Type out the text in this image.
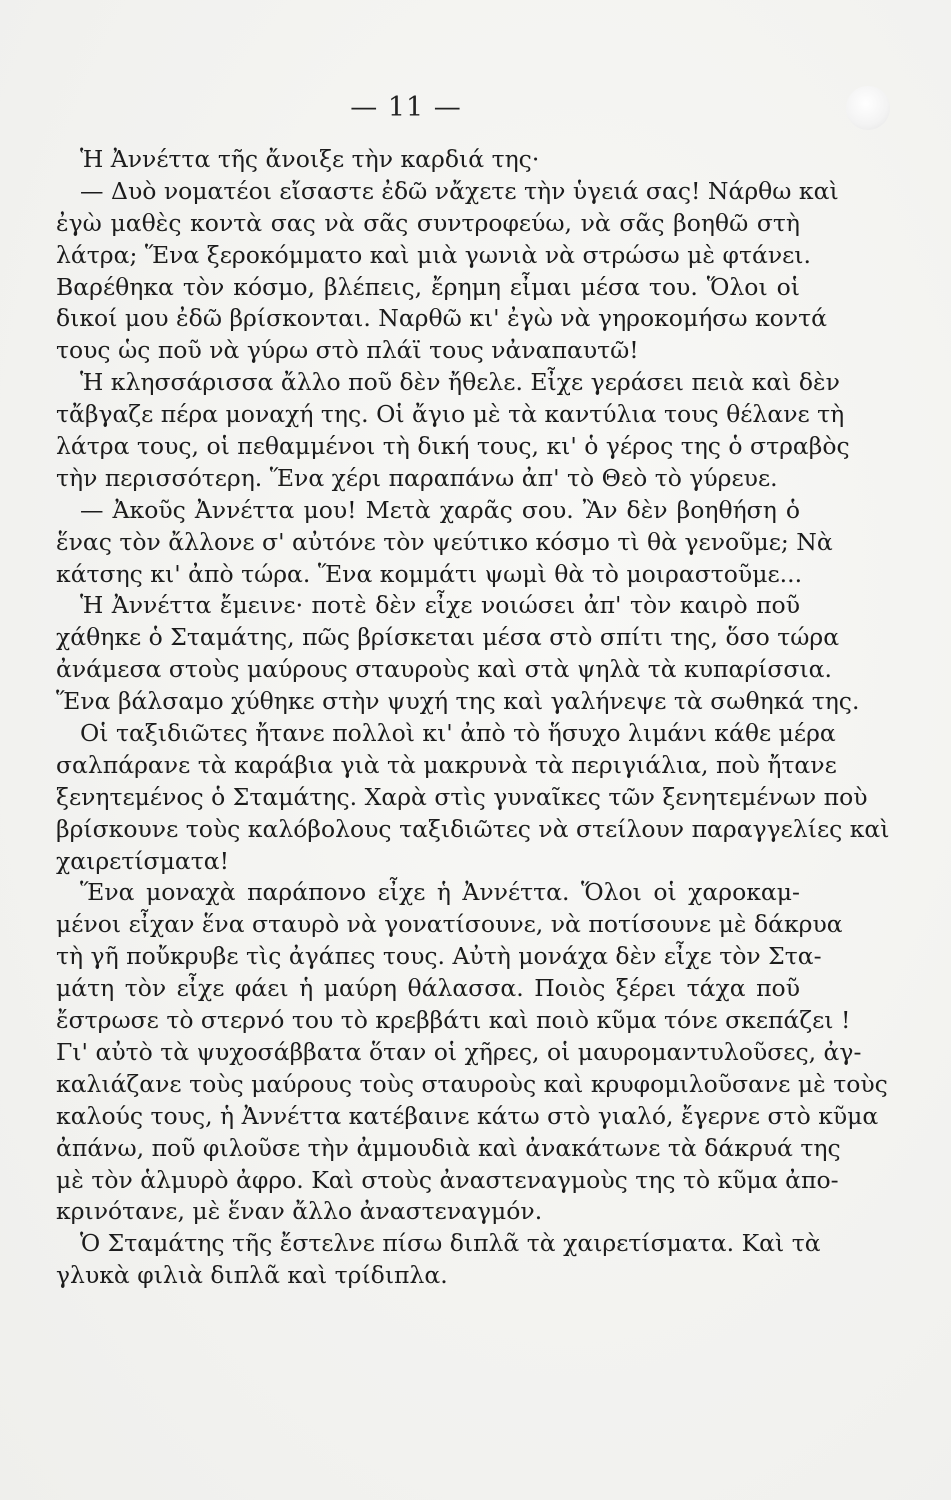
— 11 —
Ἡ Ἀννέττα τῆς ἄνοιξε τὴν καρδιά της·
— Δυὸ νοματέοι εἴσαστε ἐδῶ νἄχετε τὴν ὑγειά σας! Νάρθω καὶ
ἐγὼ μαθὲς κοντὰ σας νὰ σᾶς συντροφεύω, νὰ σᾶς βοηθῶ στὴ
λάτρα; Ἕνα ξεροκόμματο καὶ μιὰ γωνιὰ νὰ στρώσω μὲ φτάνει.
Βαρέθηκα τὸν κόσμο, βλέπεις, ἔρημη εἶμαι μέσα του. Ὅλοι οἱ
δικοί μου ἐδῶ βρίσκονται. Ναρθῶ κι' ἐγὼ νὰ γηροκομήσω κοντά
τους ὡς ποῦ νὰ γύρω στὸ πλάϊ τους νἀναπαυτῶ!
Ἡ κλησσάρισσα ἄλλο ποῦ δὲν ἤθελε. Εἶχε γεράσει πειὰ καὶ δὲν
τἄβγαζε πέρα μοναχή της. Οἱ ἄγιο μὲ τὰ καντύλια τους θέλανε τὴ
λάτρα τους, οἱ πεθαμμένοι τὴ δική τους, κι' ὁ γέρος της ὁ στραβὸς
τὴν περισσότερη. Ἕνα χέρι παραπάνω ἀπ' τὸ Θεὸ τὸ γύρευε.
— Ἀκοῦς Ἀννέττα μου! Μετὰ χαρᾶς σου. Ἂν δὲν βοηθήση ὁ
ἕνας τὸν ἄλλονε σ' αὐτόνε τὸν ψεύτικο κόσμο τὶ θὰ γενοῦμε; Νὰ
κάτσης κι' ἀπὸ τώρα. Ἕνα κομμάτι ψωμὶ θὰ τὸ μοιραστοῦμε...
Ἡ Ἀννέττα ἔμεινε· ποτὲ δὲν εἶχε νοιώσει ἀπ' τὸν καιρὸ ποῦ
χάθηκε ὁ Σταμάτης, πῶς βρίσκεται μέσα στὸ σπίτι της, ὅσο τώρα
ἀνάμεσα στοὺς μαύρους σταυροὺς καὶ στὰ ψηλὰ τὰ κυπαρίσσια.
Ἕνα βάλσαμο χύθηκε στὴν ψυχή της καὶ γαλήνεψε τὰ σωθηκά της.
Οἱ ταξιδιῶτες ἤτανε πολλοὶ κι' ἀπὸ τὸ ἥσυχο λιμάνι κάθε μέρα
σαλπάρανε τὰ καράβια γιὰ τὰ μακρυνὰ τὰ περιγιάλια, ποὺ ἤτανε
ξενητεμένος ὁ Σταμάτης. Χαρὰ στὶς γυναῖκες τῶν ξενητεμένων ποὺ
βρίσκουνε τοὺς καλόβολους ταξιδιῶτες νὰ στείλουν παραγγελίες καὶ
χαιρετίσματα!
Ἕνα μοναχὰ παράπονο εἶχε ἡ Ἀννέττα. Ὅλοι οἱ χαροκαμ-
μένοι εἶχαν ἕνα σταυρὸ νὰ γονατίσουνε, νὰ ποτίσουνε μὲ δάκρυα
τὴ γῆ ποὔκρυβε τὶς ἀγάπες τους. Αὐτὴ μονάχα δὲν εἶχε τὸν Στα-
μάτη τὸν εἶχε φάει ἡ μαύρη θάλασσα. Ποιὸς ξέρει τάχα ποῦ
ἔστρωσε τὸ στερνό του τὸ κρεββάτι καὶ ποιὸ κῦμα τόνε σκεπάζει !
Γι' αὐτὸ τὰ ψυχοσάββατα ὅταν οἱ χῆρες, οἱ μαυρομαντυλοῦσες, ἀγ-
καλιάζανε τοὺς μαύρους τοὺς σταυροὺς καὶ κρυφομιλοῦσανε μὲ τοὺς
καλούς τους, ἡ Ἀννέττα κατέβαινε κάτω στὸ γιαλό, ἔγερνε στὸ κῦμα
ἀπάνω, ποῦ φιλοῦσε τὴν ἀμμουδιὰ καὶ ἀνακάτωνε τὰ δάκρυά της
μὲ τὸν ἁλμυρὸ ἀφρο. Καὶ στοὺς ἀναστεναγμοὺς της τὸ κῦμα ἀπο-
κρινότανε, μὲ ἕναν ἄλλο ἀναστεναγμόν.
Ὁ Σταμάτης τῆς ἔστελνε πίσω διπλᾶ τὰ χαιρετίσματα. Καὶ τὰ
γλυκὰ φιλιὰ διπλᾶ καὶ τρίδιπλα.
